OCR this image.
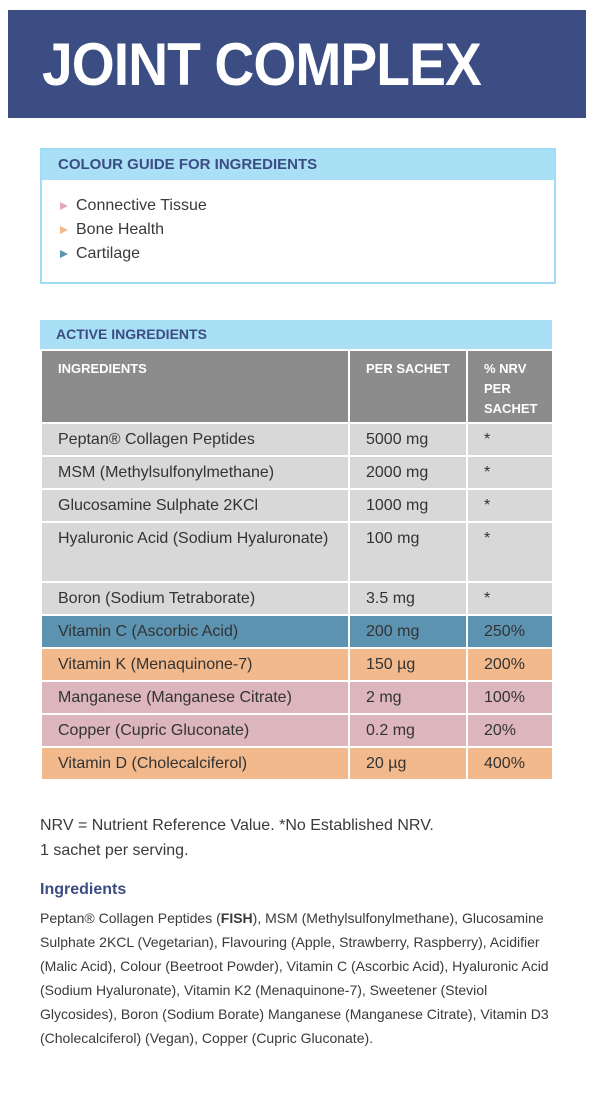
JOINT COMPLEX
COLOUR GUIDE FOR INGREDIENTS
Connective Tissue
Bone Health
Cartilage
ACTIVE INGREDIENTS
INGREDIENTS	PER SACHET	% NRV PER SACHET
Peptan® Collagen Peptides	5000 mg	*
MSM (Methylsulfonylmethane)	2000 mg	*
Glucosamine Sulphate 2KCl	1000 mg	*
Hyaluronic Acid (Sodium Hyaluronate)	100 mg	*
Boron (Sodium Tetraborate)	3.5 mg	*
Vitamin C (Ascorbic Acid)	200 mg	250%
Vitamin K (Menaquinone-7)	150 µg	200%
Manganese (Manganese Citrate)	2 mg	100%
Copper (Cupric Gluconate)	0.2 mg	20%
Vitamin D (Cholecalciferol)	20 µg	400%
NRV = Nutrient Reference Value. *No Established NRV.
1 sachet per serving.
Ingredients
Peptan® Collagen Peptides (FISH), MSM (Methylsulfonylmethane), Glucosamine Sulphate 2KCL (Vegetarian), Flavouring (Apple, Strawberry, Raspberry), Acidifier (Malic Acid), Colour (Beetroot Powder), Vitamin C (Ascorbic Acid), Hyaluronic Acid (Sodium Hyaluronate), Vitamin K2 (Menaquinone-7), Sweetener (Steviol Glycosides), Boron (Sodium Borate) Manganese (Manganese Citrate), Vitamin D3 (Cholecalciferol) (Vegan), Copper (Cupric Gluconate).
